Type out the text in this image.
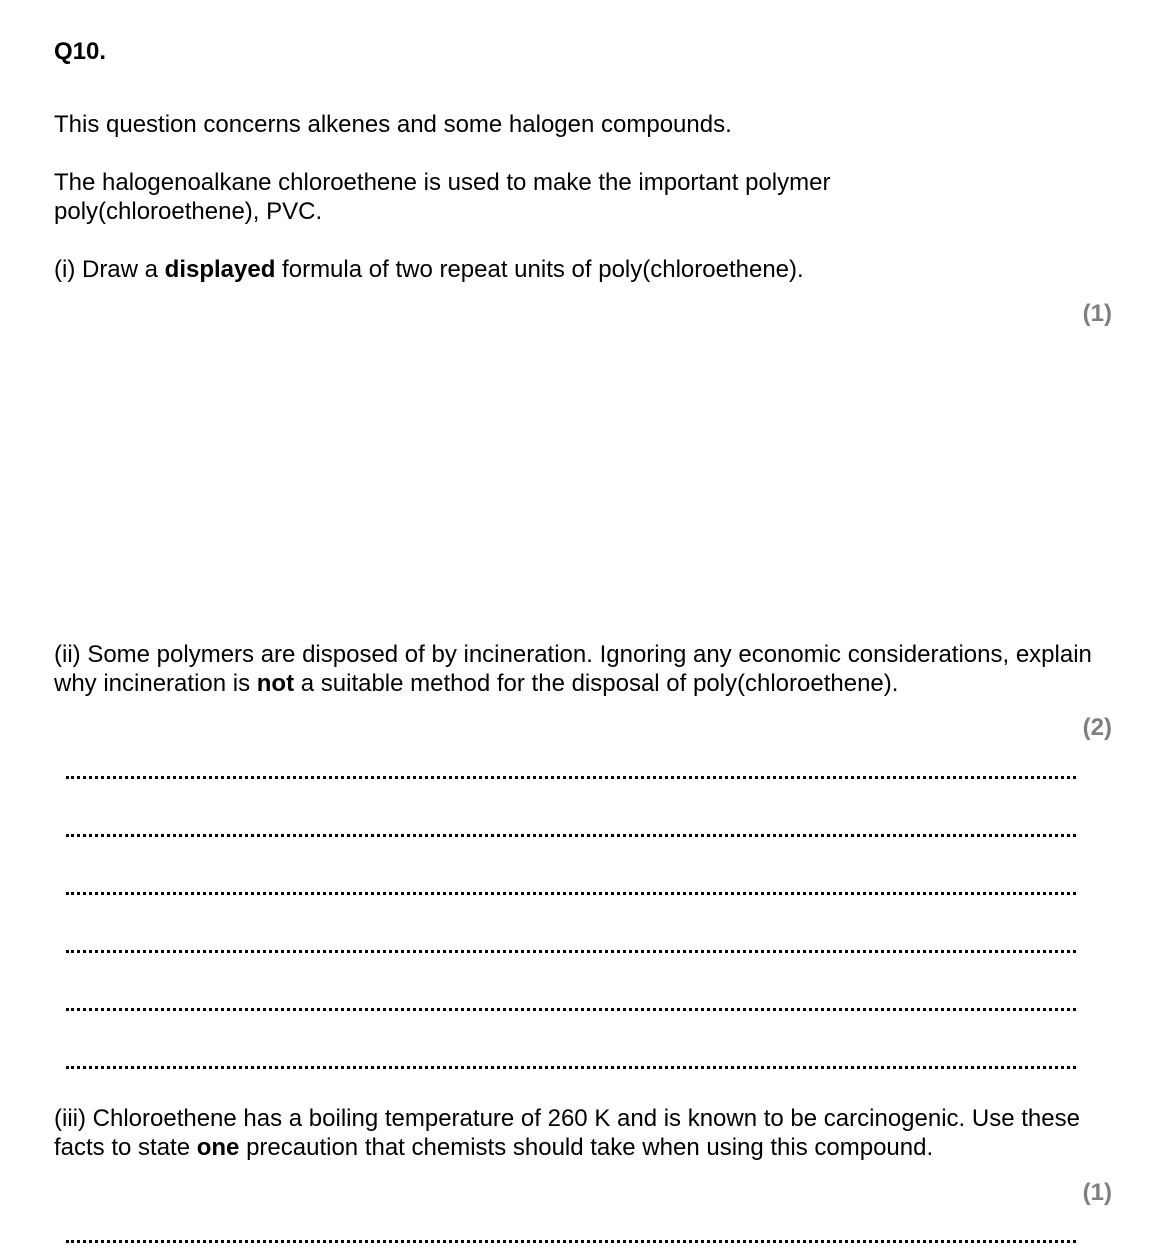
Q10.
This question concerns alkenes and some halogen compounds.
The halogenoalkane chloroethene is used to make the important polymer poly(chloroethene), PVC.
(i) Draw a displayed formula of two repeat units of poly(chloroethene).
(1)
(ii) Some polymers are disposed of by incineration. Ignoring any economic considerations, explain why incineration is not a suitable method for the disposal of poly(chloroethene).
(2)
(iii) Chloroethene has a boiling temperature of 260 K and is known to be carcinogenic. Use these facts to state one precaution that chemists should take when using this compound.
(1)
